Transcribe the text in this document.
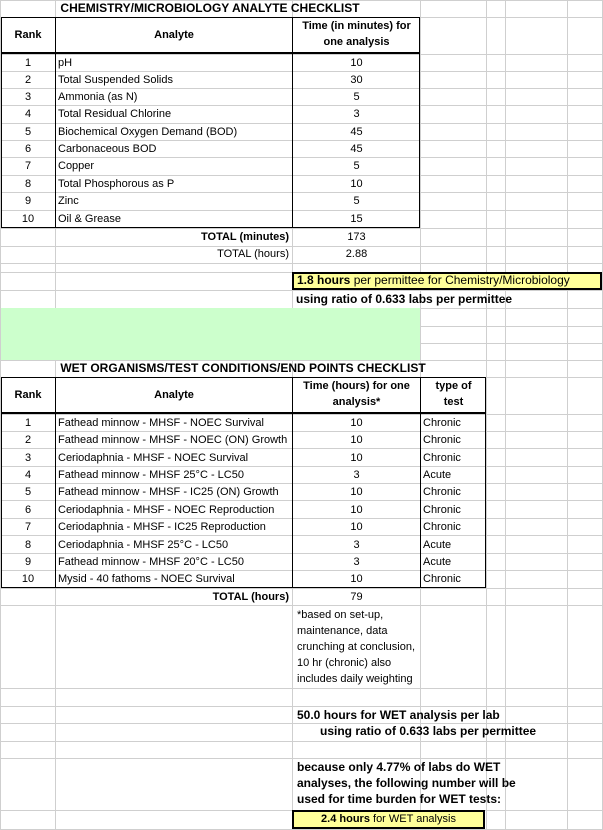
CHEMISTRY/MICROBIOLOGY ANALYTE CHECKLIST
Rank	Analyte
Time (in minutes) for
one analysis
1	pH	10
2	Total Suspended Solids	30
3	Ammonia (as N)	5
4	Total Residual Chlorine	3
5	Biochemical Oxygen Demand (BOD)	45
6	Carbonaceous BOD	45
7	Copper	5
8	Total Phosphorous as P	10
9	Zinc	5
10	Oil & Grease	15
TOTAL (minutes)	173
TOTAL (hours)	2.88
1.8 hours per permittee for Chemistry/Microbiology
using ratio of 0.633 labs per permittee
WET ORGANISMS/TEST CONDITIONS/END POINTS CHECKLIST
Rank	Analyte
Time (hours) for one
analysis*
type of
test
1	Fathead minnow - MHSF - NOEC Survival	10	Chronic
2	Fathead minnow - MHSF - NOEC (ON) Growth	10	Chronic
3	Ceriodaphnia - MHSF - NOEC Survival	10	Chronic
4	Fathead minnow - MHSF 25°C - LC50	3	Acute
5	Fathead minnow - MHSF - IC25 (ON) Growth	10	Chronic
6	Ceriodaphnia - MHSF - NOEC Reproduction	10	Chronic
7	Ceriodaphnia - MHSF - IC25 Reproduction	10	Chronic
8	Ceriodaphnia - MHSF 25°C - LC50	3	Acute
9	Fathead minnow - MHSF 20°C - LC50	3	Acute
10	Mysid - 40 fathoms - NOEC Survival	10	Chronic
TOTAL (hours)	79
*based on set-up,
maintenance, data
crunching at conclusion,
10 hr (chronic) also
includes daily weighting
50.0 hours for WET analysis per lab
using ratio of 0.633 labs per permittee
because only 4.77% of labs do WET
analyses, the following number will be
used for time burden for WET tests:
2.4 hours for WET analysis
